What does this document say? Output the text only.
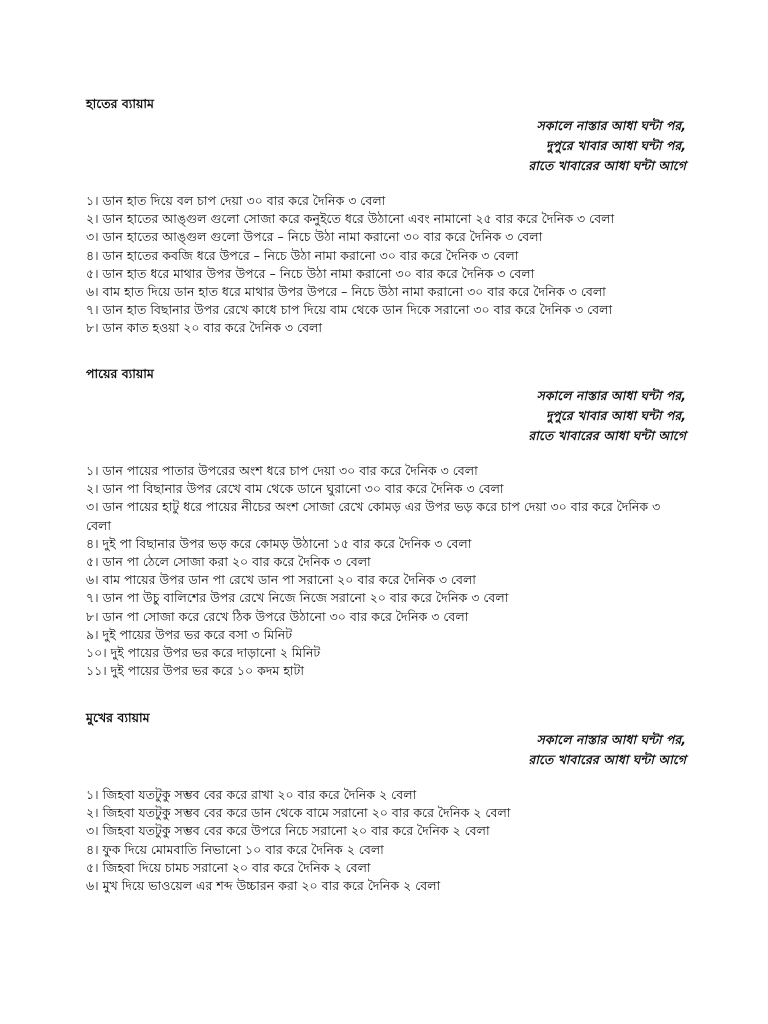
হাতের ব্যায়াম
সকালে নাস্তার আধা ঘন্টা পর,
দুপুরে খাবার আধা ঘন্টা পর,
রাতে খাবারের আধা ঘন্টা আগে
১। ডান হাত দিয়ে বল চাপ দেয়া ৩০ বার করে দৈনিক ৩ বেলা
২। ডান হাতের আঙ্গুল গুলো সোজা করে কনুইতে ধরে উঠানো এবং নামানো ২৫ বার করে দৈনিক ৩ বেলা
৩। ডান হাতের আঙ্গুল গুলো উপরে – নিচে উঠা নামা করানো ৩০ বার করে দৈনিক ৩ বেলা
৪। ডান হাতের কবজি ধরে উপরে – নিচে উঠা নামা করানো ৩০ বার করে দৈনিক ৩ বেলা
৫। ডান হাত ধরে মাথার উপর উপরে – নিচে উঠা নামা করানো ৩০ বার করে দৈনিক ৩ বেলা
৬। বাম হাত দিয়ে ডান হাত ধরে মাথার উপর উপরে – নিচে উঠা নামা করানো ৩০ বার করে দৈনিক ৩ বেলা
৭। ডান হাত বিছানার উপর রেখে কাধে চাপ দিয়ে বাম থেকে ডান দিকে সরানো ৩০ বার করে দৈনিক ৩ বেলা
৮। ডান কাত হওয়া ২০ বার করে দৈনিক ৩ বেলা
পায়ের ব্যায়াম
সকালে নাস্তার আধা ঘন্টা পর,
দুপুরে খাবার আধা ঘন্টা পর,
রাতে খাবারের আধা ঘন্টা আগে
১। ডান পায়ের পাতার উপরের অংশ ধরে চাপ দেয়া ৩০ বার করে দৈনিক ৩ বেলা
২। ডান পা বিছানার উপর রেখে বাম থেকে ডানে ঘুরানো ৩০ বার করে দৈনিক ৩ বেলা
৩। ডান পায়ের হাটু ধরে পায়ের নীচের অংশ সোজা রেখে কোমড় এর উপর ভড় করে চাপ দেয়া ৩০ বার করে দৈনিক ৩ বেলা
৪। দুই পা বিছানার উপর ভড় করে কোমড় উঠানো ১৫ বার করে দৈনিক ৩ বেলা
৫। ডান পা ঠেলে সোজা করা ২০ বার করে দৈনিক ৩ বেলা
৬। বাম পায়ের উপর ডান পা রেখে ডান পা সরানো ২০ বার করে দৈনিক ৩ বেলা
৭। ডান পা উচু বালিশের উপর রেখে নিজে নিজে সরানো ২০ বার করে দৈনিক ৩ বেলা
৮। ডান পা সোজা করে রেখে ঠিক উপরে উঠানো ৩০ বার করে দৈনিক ৩ বেলা
৯। দুই পায়ের উপর ভর করে বসা ৩ মিনিট
১০। দুই পায়ের উপর ভর করে দাড়ানো ২ মিনিট
১১। দুই পায়ের উপর ভর করে ১০ কদম হাটা
মুখের ব্যায়াম
সকালে নাস্তার আধা ঘন্টা পর,
রাতে খাবারের আধা ঘন্টা আগে
১। জিহবা যতটুকু সম্ভব বের করে রাখা ২০ বার করে দৈনিক ২ বেলা
২। জিহবা যতটুকু সম্ভব বের করে ডান থেকে বামে সরানো ২০ বার করে দৈনিক ২ বেলা
৩। জিহবা যতটুকু সম্ভব বের করে উপরে নিচে সরানো ২০ বার করে দৈনিক ২ বেলা
৪। ফুক দিয়ে মোমবাতি নিভানো ১০ বার করে দৈনিক ২ বেলা
৫। জিহবা দিয়ে চামচ সরানো ২০ বার করে দৈনিক ২ বেলা
৬। মুখ দিয়ে ভাওয়েল এর শব্দ উচ্চারন করা ২০ বার করে দৈনিক ২ বেলা
